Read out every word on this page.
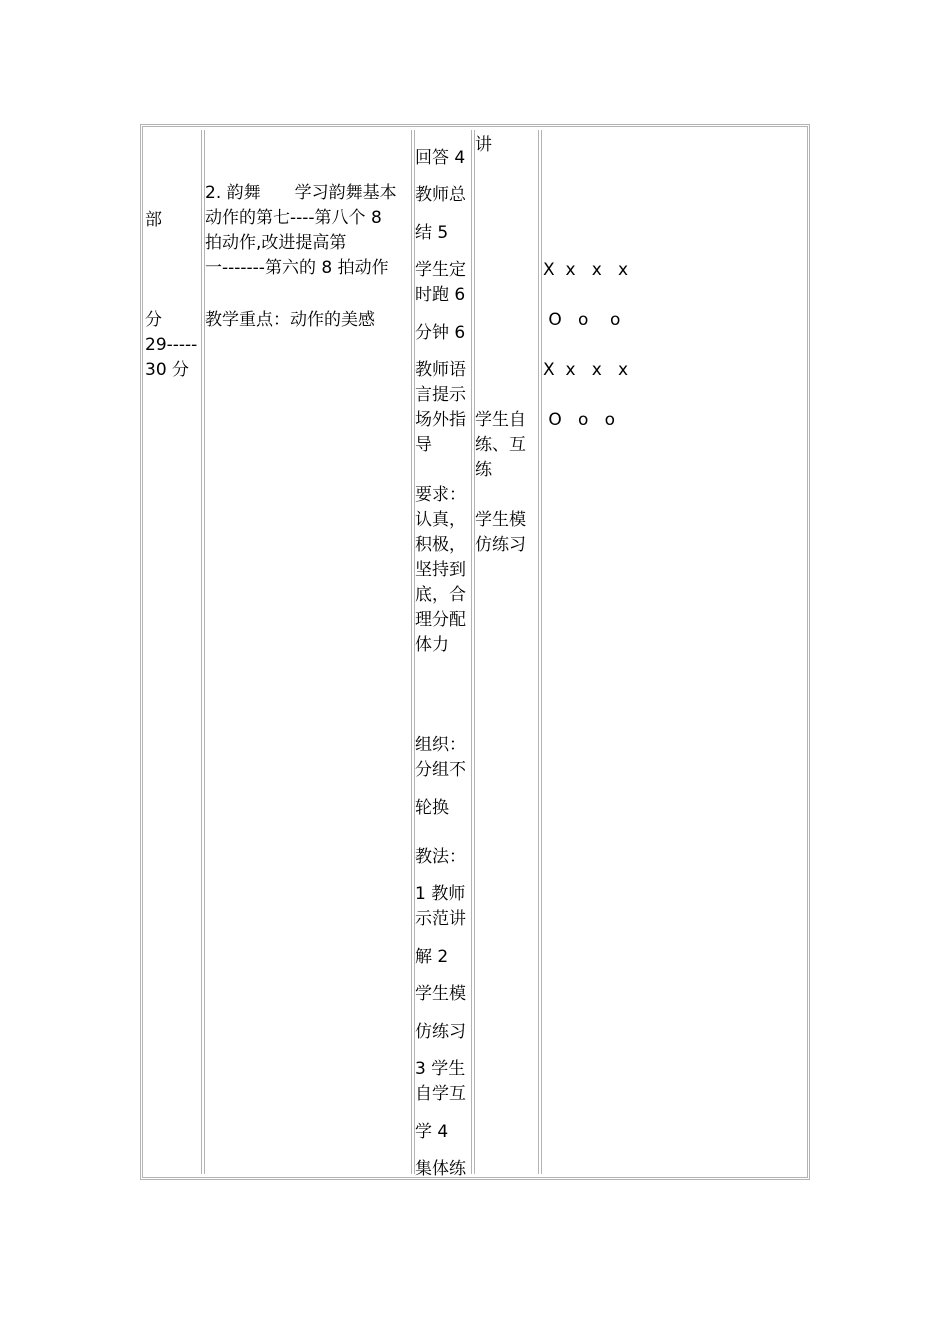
部
分
29-----
30 分
2. 韵舞　　学习韵舞基本
动作的第七----第八个 8
拍动作,改进提高第
一-------第六的 8 拍动作
教学重点：动作的美感
回答 4
教师总
结 5
学生定
时跑 6
分钟 6
教师语
言提示
场外指
导
要求：
认真，
积极，
坚持到
底，合
理分配
体力
组织：
分组不
轮换
教法：
1 教师
示范讲
解 2
学生模
仿练习
3 学生
自学互
学 4
集体练
讲
学生自
练、互
练
学生模
仿练习
X  x   x   x
O   o    o
X  x   x   x
O   o   o
